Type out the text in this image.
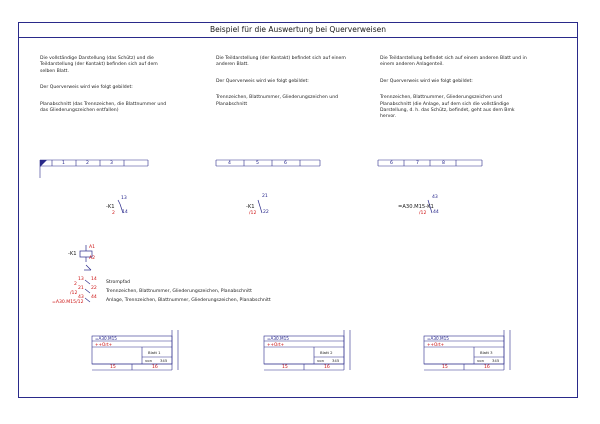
Beispiel für die Auswertung bei Querverweisen

Die vollständige Darstellung (das Schütz) und die Teildarstellung (der Kontakt) befinden sich auf dem selben Blatt.

Der Querverweis wird wie folgt gebildet:

Planabschnitt (das Trennzeichen, die Blattnummer und das Gliederungszeichen entfallen)

Die Teildarstellung (der Kontakt) befindet sich auf einem anderen Blatt.

Der Querverweis wird wie folgt gebildet:

Trennzeichen, Blattnummer, Gliederungszeichen und Planabschnitt

Die Teildarstellung befindet sich auf einem anderen Blatt und in einem anderen Anlagenteil.

Der Querverweis wird wie folgt gebildet:

Trennzeichen, Blattnummer, Gliederungszeichen und Planabschnitt (die Anlage, auf dem sich die vollständige Darstellung, d. h. das Schütz, befindet, geht aus dem Bmk hervor.

1	2	3	4	5	6	6	7	8
13
-K1
2 14
21
-K1
/12 22
43
=A30.M15-K1
/12 44
A1
-K1
A2
13 14
2	Strompfad
21 22
/12	Trennzeichen, Blattnummer, Gliederungszeichen, Planabschnitt
43 44
=A30.M15/12	Anlage, Trennzeichen, Blattnummer, Gliederungszeichen, Planabschnitt
=A30.M15
++Ort+
Blatt 1
von 345
15	16
=A30.M15
++Ort+
Blatt 2
von 345
15	16
=A30.M15
++Ort+
Blatt 3
von 345
15	16
